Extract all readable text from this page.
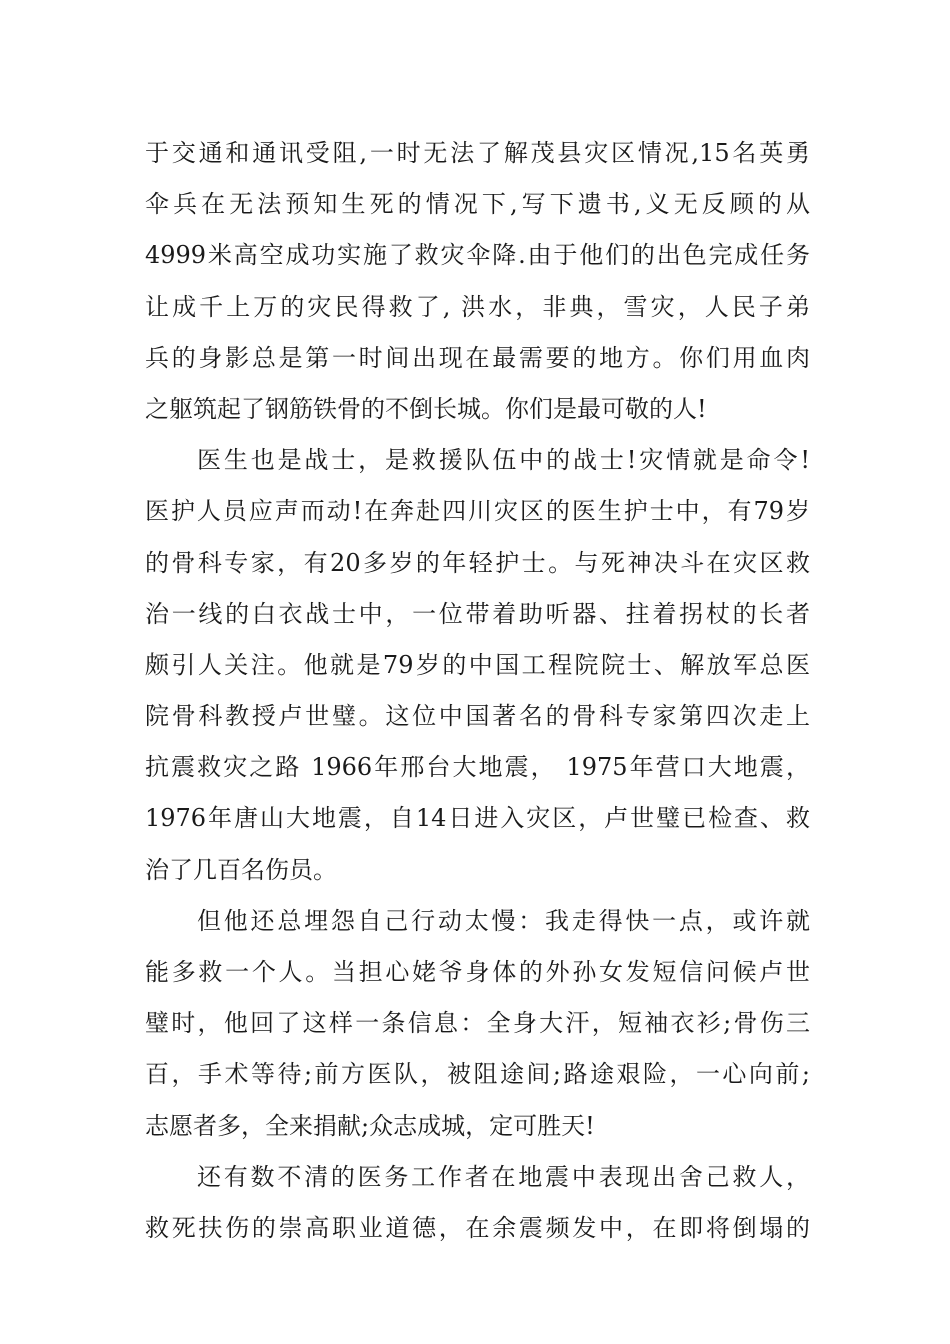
于交通和通讯受阻,一时无法了解茂县灾区情况,15名英勇
伞兵在无法预知生死的情况下,写下遗书,义无反顾的从
4999米高空成功实施了救灾伞降.由于他们的出色完成任务
让成千上万的灾民得救了, 洪水，非典，雪灾，人民子弟
兵的身影总是第一时间出现在最需要的地方。你们用血肉
之躯筑起了钢筋铁骨的不倒长城。你们是最可敬的人!
医生也是战士，是救援队伍中的战士!灾情就是命令!
医护人员应声而动!在奔赴四川灾区的医生护士中，有79岁
的骨科专家，有20多岁的年轻护士。与死神决斗在灾区救
治一线的白衣战士中，一位带着助听器、拄着拐杖的长者
颇引人关注。他就是79岁的中国工程院院士、解放军总医
院骨科教授卢世璧。这位中国著名的骨科专家第四次走上
抗震救灾之路 1966年邢台大地震， 1975年营口大地震，
1976年唐山大地震，自14日进入灾区，卢世璧已检查、救
治了几百名伤员。
但他还总埋怨自己行动太慢：我走得快一点，或许就
能多救一个人。当担心姥爷身体的外孙女发短信问候卢世
璧时，他回了这样一条信息：全身大汗，短袖衣衫;骨伤三
百，手术等待;前方医队，被阻途间;路途艰险，一心向前;
志愿者多，全来捐献;众志成城，定可胜天!
还有数不清的医务工作者在地震中表现出舍己救人，
救死扶伤的崇高职业道德，在余震频发中，在即将倒塌的
